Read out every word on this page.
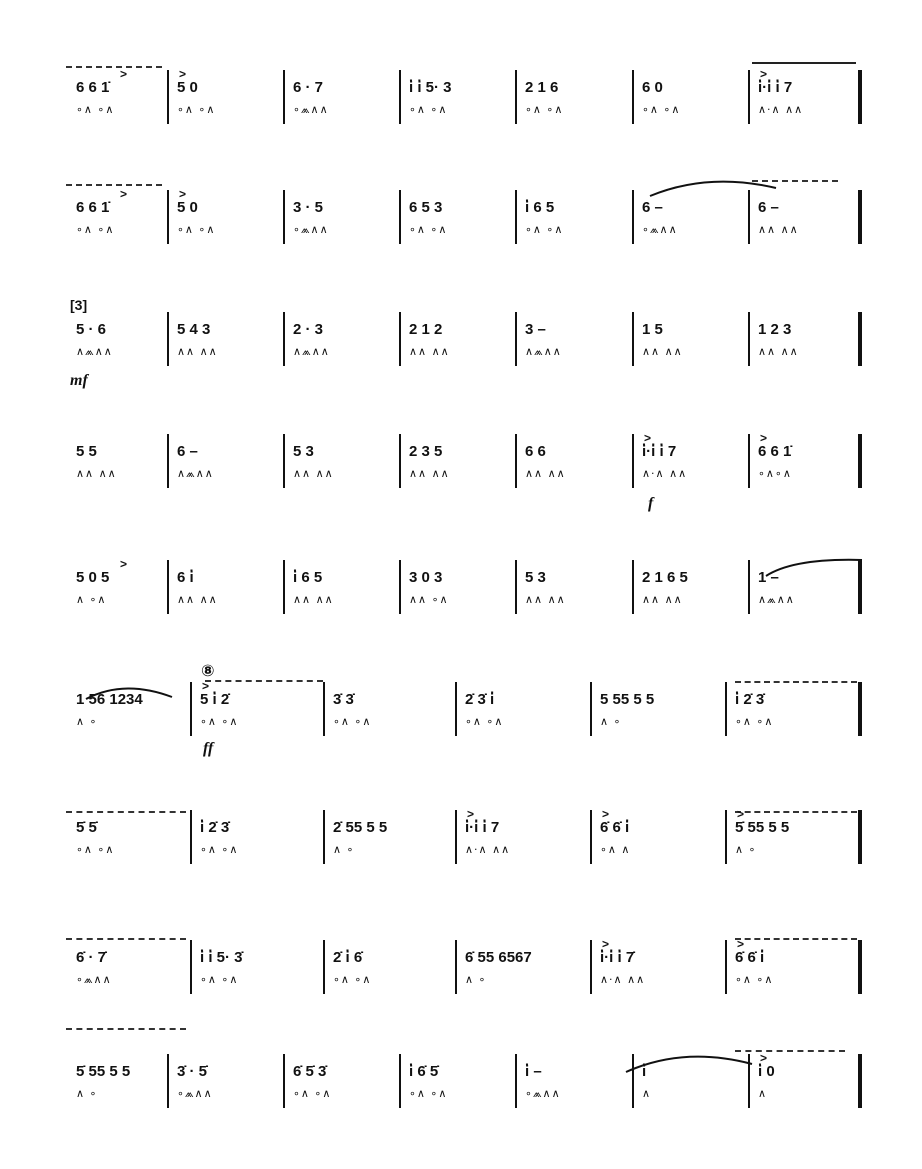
[3]
⑧
mf
f
ff
6 6 1̇
∘∧ ∘∧
>
5 0
∘∧ ∘∧
>
6 · 7
∘⩕∧∧
i̇ i̇ 5· 3
∘∧ ∘∧
2 1 6
∘∧ ∘∧
6 0
∘∧ ∘∧
i̇·i̇ i̇ 7
∧·∧ ∧∧
>
6 6 1̇
∘∧ ∘∧
>
5 0
∘∧ ∘∧
>
3 · 5
∘⩕∧∧
6 5 3
∘∧ ∘∧
i̇ 6 5
∘∧ ∘∧
6 –
∘⩕∧∧
6 –
∧∧ ∧∧
5 · 6
∧⩕∧∧
5 4 3
∧∧ ∧∧
2 · 3
∧⩕∧∧
2 1 2
∧∧ ∧∧
3 –
∧⩕∧∧
1 5
∧∧ ∧∧
1 2 3
∧∧ ∧∧
5 5
∧∧ ∧∧
6 –
∧⩕∧∧
5 3
∧∧ ∧∧
2 3 5
∧∧ ∧∧
6 6
∧∧ ∧∧
i̇·i̇ i̇ 7
∧·∧ ∧∧
>
6 6 1̇
∘∧∘∧
>
5 0 5
∧ ∘∧
>
6 i̇
∧∧ ∧∧
i̇ 6 5
∧∧ ∧∧
3 0 3
∧∧ ∘∧
5 3
∧∧ ∧∧
2 1 6 5
∧∧ ∧∧
1 –
∧⩕∧∧
1 56 1234
∧ ∘
5 i̇ 2̇
∘∧ ∘∧
>
3̇ 3̇
∘∧ ∘∧
2̇ 3̇ i̇
∘∧ ∘∧
5 55 5 5
∧ ∘
i̇ 2̇ 3̇
∘∧ ∘∧
5̇ 5̇
∘∧ ∘∧
i̇ 2̇ 3̇
∘∧ ∘∧
2̇ 55 5 5
∧ ∘
i̇·i̇ i̇ 7
∧·∧ ∧∧
>
6̇ 6̇ i̇
∘∧ ∧
>
5̇ 55 5 5
∧ ∘
>
6̇ · 7̇
∘⩕∧∧
i̇ i̇ 5· 3̇
∘∧ ∘∧
2̇ i̇ 6̇
∘∧ ∘∧
6̇ 55 6567
∧ ∘
i̇·i̇ i̇ 7̇
∧·∧ ∧∧
>
6̇ 6̇ i̇
∘∧ ∘∧
>
5̇ 55 5 5
∧ ∘
3̇ · 5̇
∘⩕∧∧
6̇ 5̇ 3̇
∘∧ ∘∧
i̇ 6̇ 5̇
∘∧ ∘∧
i̇ –
∘⩕∧∧
i̇
∧
i̇ 0
∧
>
